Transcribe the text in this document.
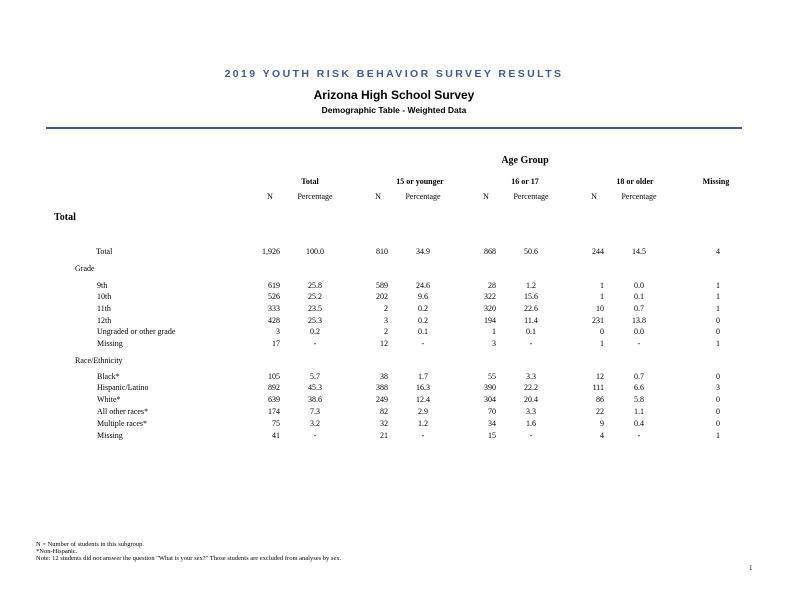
2019 YOUTH RISK BEHAVIOR SURVEY RESULTS
Arizona High School Survey
Demographic Table - Weighted Data
Age Group
Total	15 or younger	16 or 17	18 or older	Missing
N	Percentage	N	Percentage	N	Percentage	N	Percentage
Total
Total	1,926	100.0	810	34.9	868	50.6	244	14.5	4
Grade
9th	619	25.8	589	24.6	28	1.2	1	0.0	1
10th	526	25.2	202	9.6	322	15.6	1	0.1	1
11th	333	23.5	2	0.2	320	22.6	10	0.7	1
12th	428	25.3	3	0.2	194	11.4	231	13.8	0
Ungraded or other grade	3	0.2	2	0.1	1	0.1	0	0.0	0
Missing	17	-	12	-	3	-	1	-	1
Race/Ethnicity
Black*	105	5.7	38	1.7	55	3.3	12	0.7	0
Hispanic/Latino	892	45.3	388	16.3	390	22.2	111	6.6	3
White*	639	38.6	249	12.4	304	20.4	86	5.8	0
All other races*	174	7.3	82	2.9	70	3.3	22	1.1	0
Multiple races*	75	3.2	32	1.2	34	1.6	9	0.4	0
Missing	41	-	21	-	15	-	4	-	1
N = Number of students in this subgroup.
*Non-Hispanic.
Note: 12 students did not answer the question "What is your sex?" Those students are excluded from analyses by sex.
1
